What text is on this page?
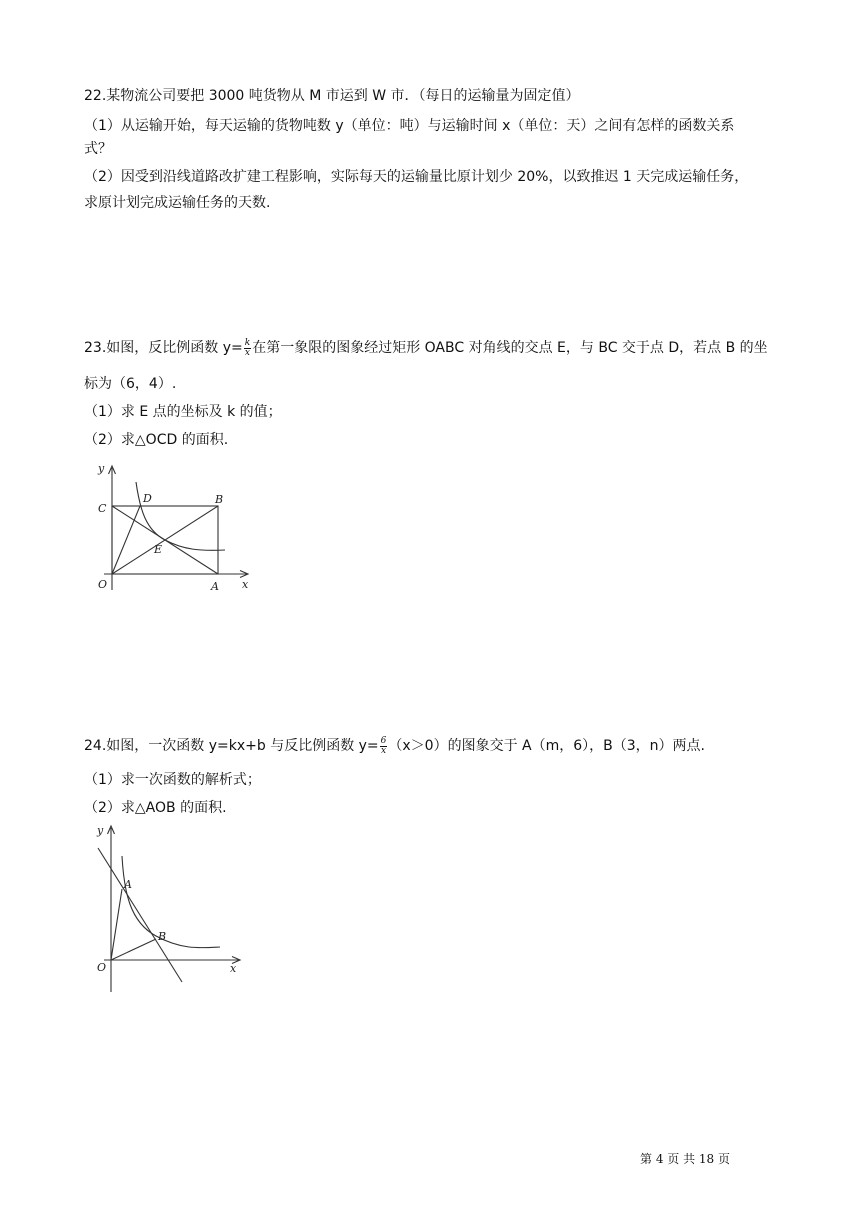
22.某物流公司要把 3000 吨货物从 M 市运到 W 市．（每日的运输量为固定值）
（1）从运输开始，每天运输的货物吨数 y（单位：吨）与运输时间 x（单位：天）之间有怎样的函数关系
式？
（2）因受到沿线道路改扩建工程影响，实际每天的运输量比原计划少 20%，以致推迟 1 天完成运输任务，
求原计划完成运输任务的天数.
23.如图，反比例函数 $y= \frac{k}{x}$ 在第一象限的图象经过矩形 OABC 对角线的交点 E，与 BC 交于点 D，若点 B 的坐
标为（6，4）.
（1）求 E 点的坐标及 k 的值；
（2）求△OCD 的面积.
y
x
O	A
B
C
D
E
24.如图，一次函数 y=kx+b 与反比例函数 $y= \frac{6}{x} (x>0)$的图象交于 A（m，6），B（3，n）两点.
（1）求一次函数的解析式；
（2）求△AOB 的面积.
y
x
O
A
B
第 4 页 共 18 页
